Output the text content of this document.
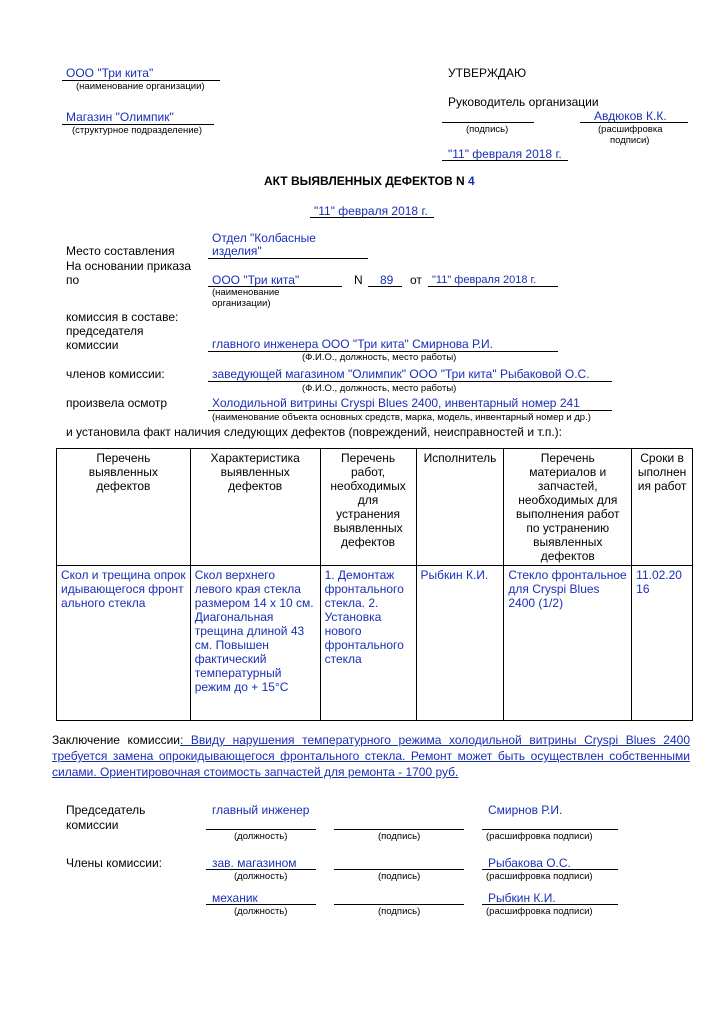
ООО "Три кита"
(наименование организации)
Магазин "Олимпик"
(структурное подразделение)
УТВЕРЖДАЮ
Руководитель организации
Авдюков К.К.
(подпись)	(расшифровка
подписи)
"11" февраля 2018 г.
АКТ ВЫЯВЛЕННЫХ ДЕФЕКТОВ N 4
"11" февраля 2018 г.
Отдел "Колбасные
Место составления	изделия"
На основании приказа
по	ООО "Три кита"
(наименование
организации)
N 89 от "11" февраля 2018 г.
комиссия в составе:
председателя
комиссии	главного инженера ООО "Три кита" Смирнова Р.И.
(Ф.И.О., должность, место работы)
членов комиссии:	заведующей магазином "Олимпик" ООО "Три кита" Рыбаковой О.С.
(Ф.И.О., должность, место работы)
произвела осмотр	Холодильной витрины Cryspi Blues 2400, инвентарный номер 241
(наименование объекта основных средств, марка, модель, инвентарный номер и др.)
и установила факт наличия следующих дефектов (повреждений, неисправностей и т.п.):
Перечень выявленных дефектов	Характеристика выявленных дефектов	Перечень работ, необходимых для устранения выявленных дефектов	Исполнитель	Перечень материалов и запчастей, необходимых для выполнения работ по устранению выявленных дефектов	Сроки выполнения работ
Скол и трещина опрокидывающегося фронтального стекла	Скол верхнего левого края стекла размером 14 х 10 см. Диагональная трещина длиной 43 см. Повышен фактический температурный режим до + 15°С	1. Демонтаж фронтального стекла. 2. Установка нового фронтального стекла	Рыбкин К.И.	Стекло фронтальное для Cryspi Blues 2400 (1/2)	11.02.2016
Заключение комиссии: Ввиду нарушения температурного режима холодильной витрины Cryspi Blues 2400 требуется замена опрокидывающегося фронтального стекла. Ремонт может быть осуществлен собственными силами. Ориентировочная стоимость запчастей для ремонта - 1700 руб.
Председатель
комиссии
главный инженер	Смирнов Р.И.
(должность)	(подпись)	(расшифровка подписи)
Члены комиссии:	зав. магазином	Рыбакова О.С.
(должность)	(подпись)	(расшифровка подписи)
механик	Рыбкин К.И.
(должность)	(подпись)	(расшифровка подписи)
